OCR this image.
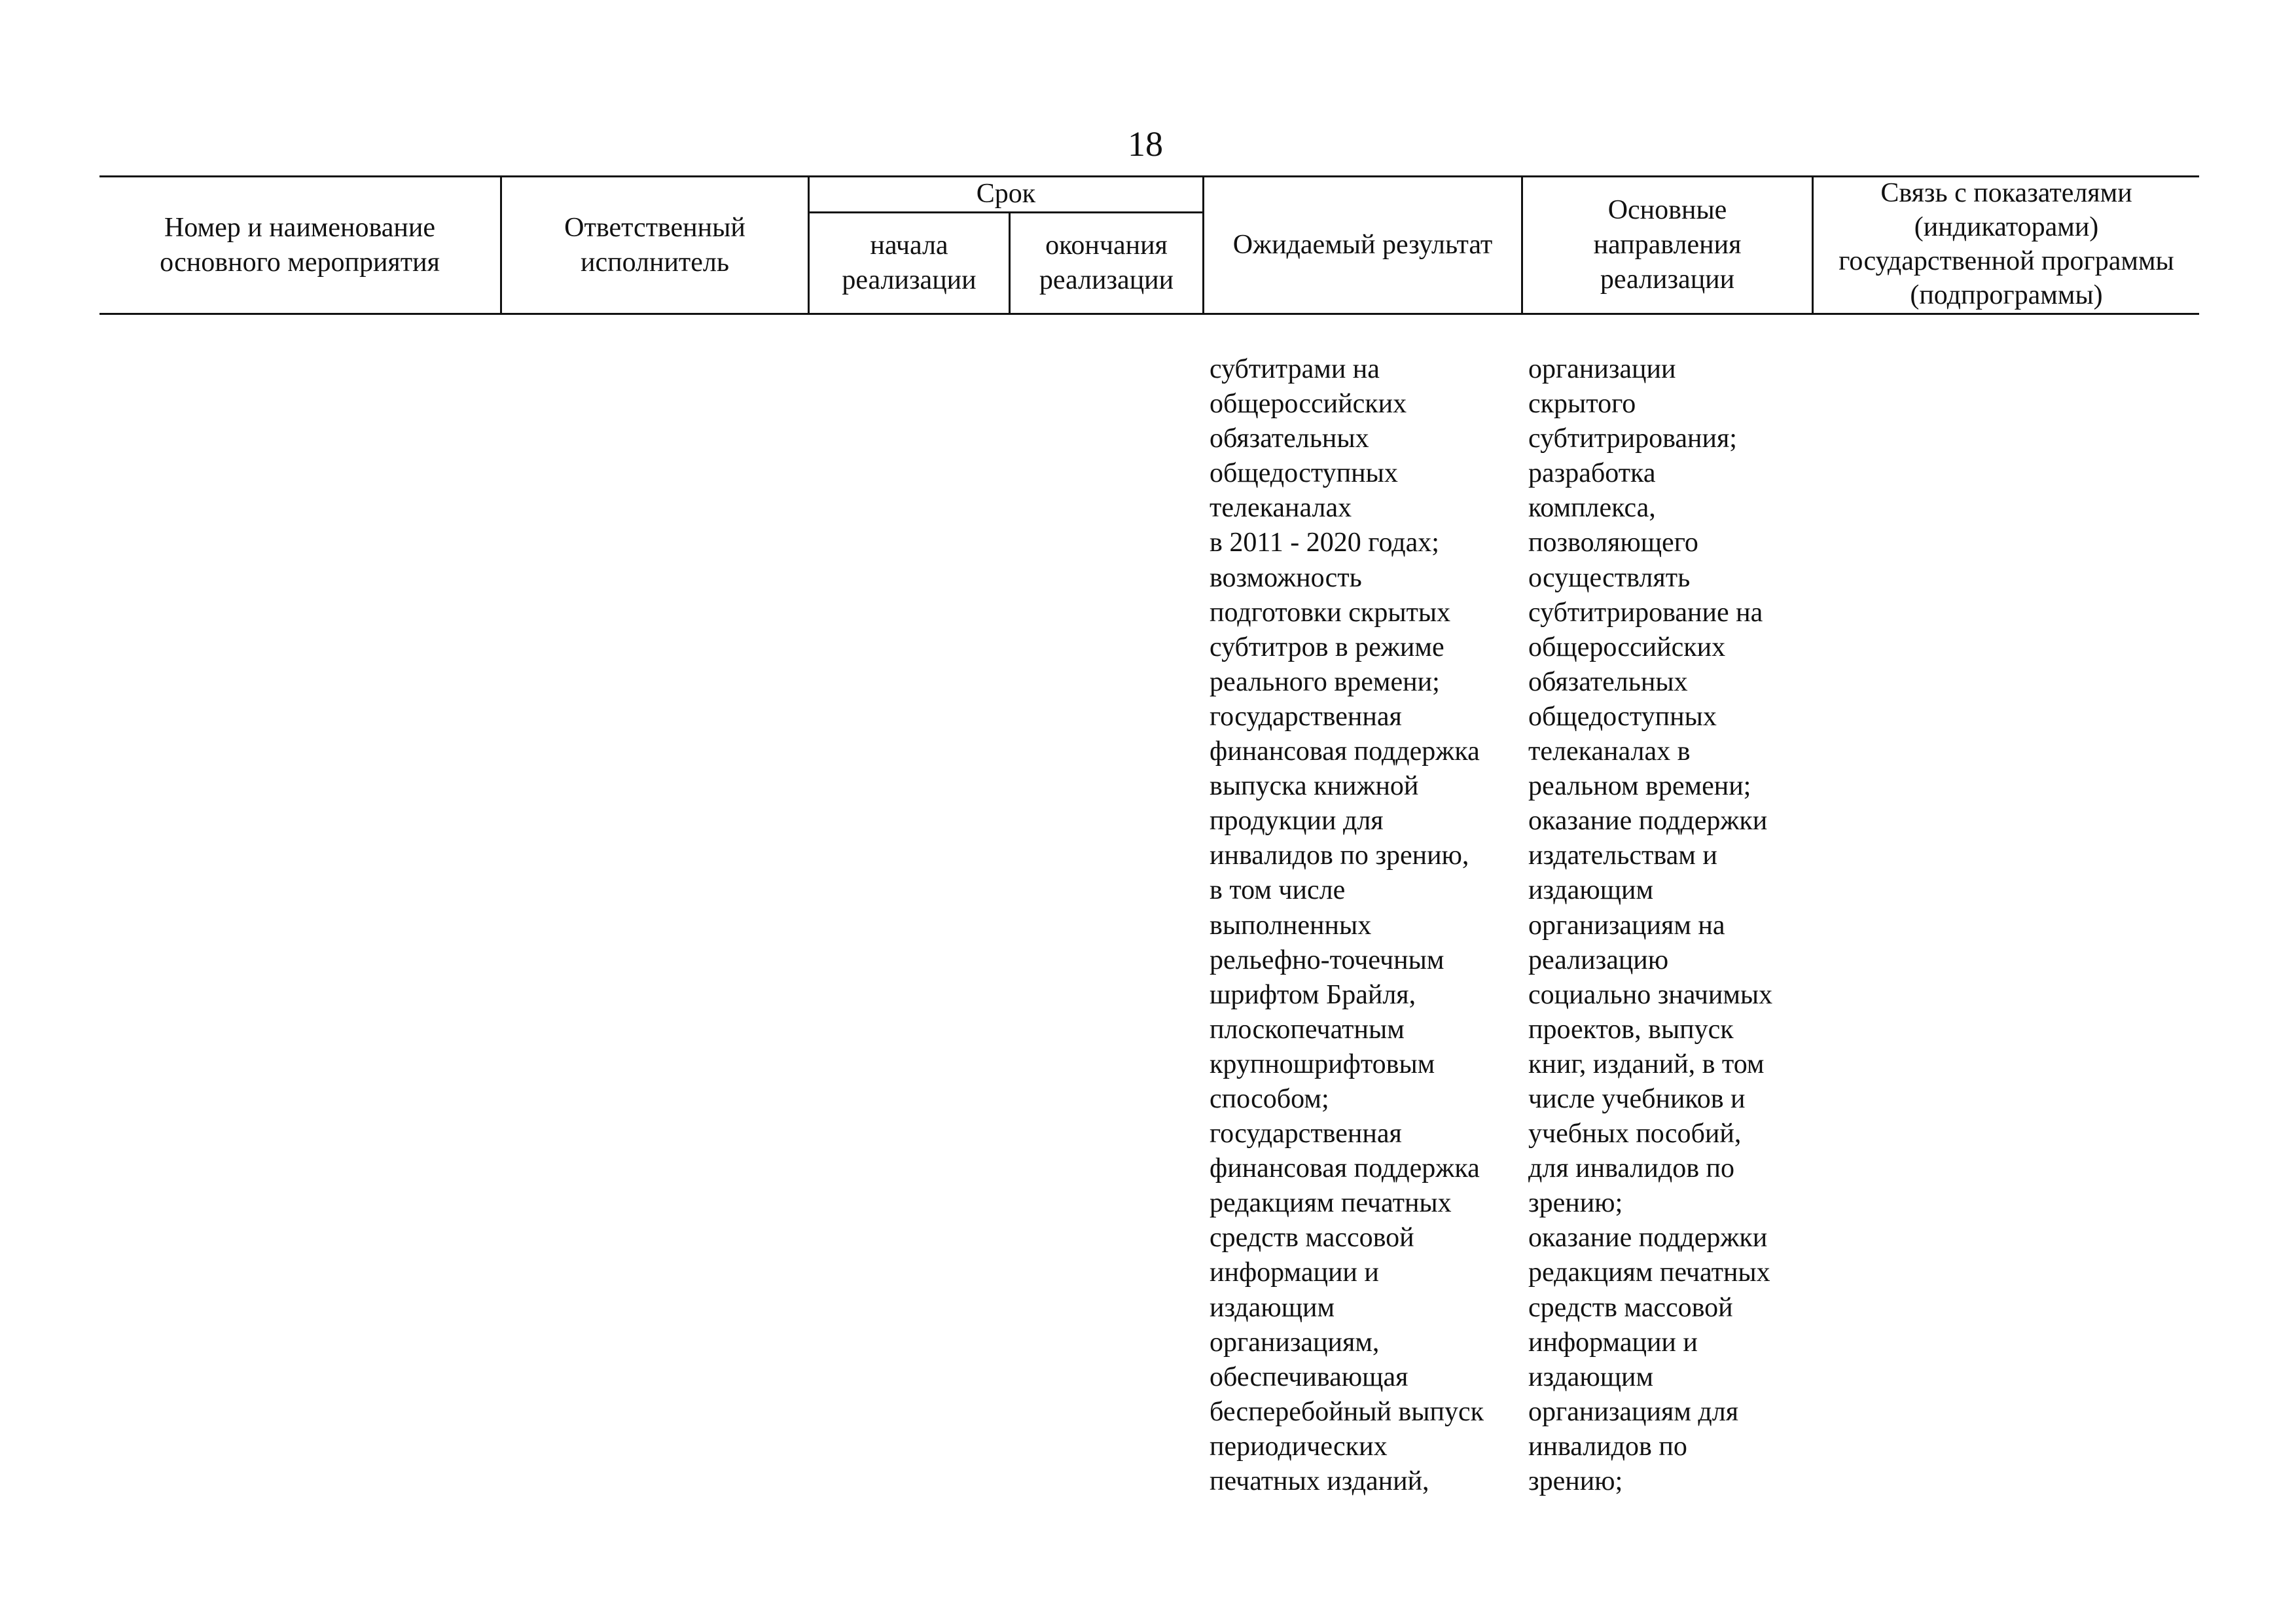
18
Номер и наименование
основного мероприятия
Ответственный
исполнитель
Срок
начала
реализации
окончания
реализации
Ожидаемый результат
Основные
направления
реализации
Связь с показателями
(индикаторами)
государственной программы
(подпрограммы)
субтитрами на
общероссийских
обязательных
общедоступных
телеканалах
в 2011 - 2020 годах;
возможность
подготовки скрытых
субтитров в режиме
реального времени;
государственная
финансовая поддержка
выпуска книжной
продукции для
инвалидов по зрению,
в том числе
выполненных
рельефно-точечным
шрифтом Брайля,
плоскопечатным
крупношрифтовым
способом;
государственная
финансовая поддержка
редакциям печатных
средств массовой
информации и
издающим
организациям,
обеспечивающая
бесперебойный выпуск
периодических
печатных изданий,
организации
скрытого
субтитрирования;
разработка
комплекса,
позволяющего
осуществлять
субтитрирование на
общероссийских
обязательных
общедоступных
телеканалах в
реальном времени;
оказание поддержки
издательствам и
издающим
организациям на
реализацию
социально значимых
проектов, выпуск
книг, изданий, в том
числе учебников и
учебных пособий,
для инвалидов по
зрению;
оказание поддержки
редакциям печатных
средств массовой
информации и
издающим
организациям для
инвалидов по
зрению;
